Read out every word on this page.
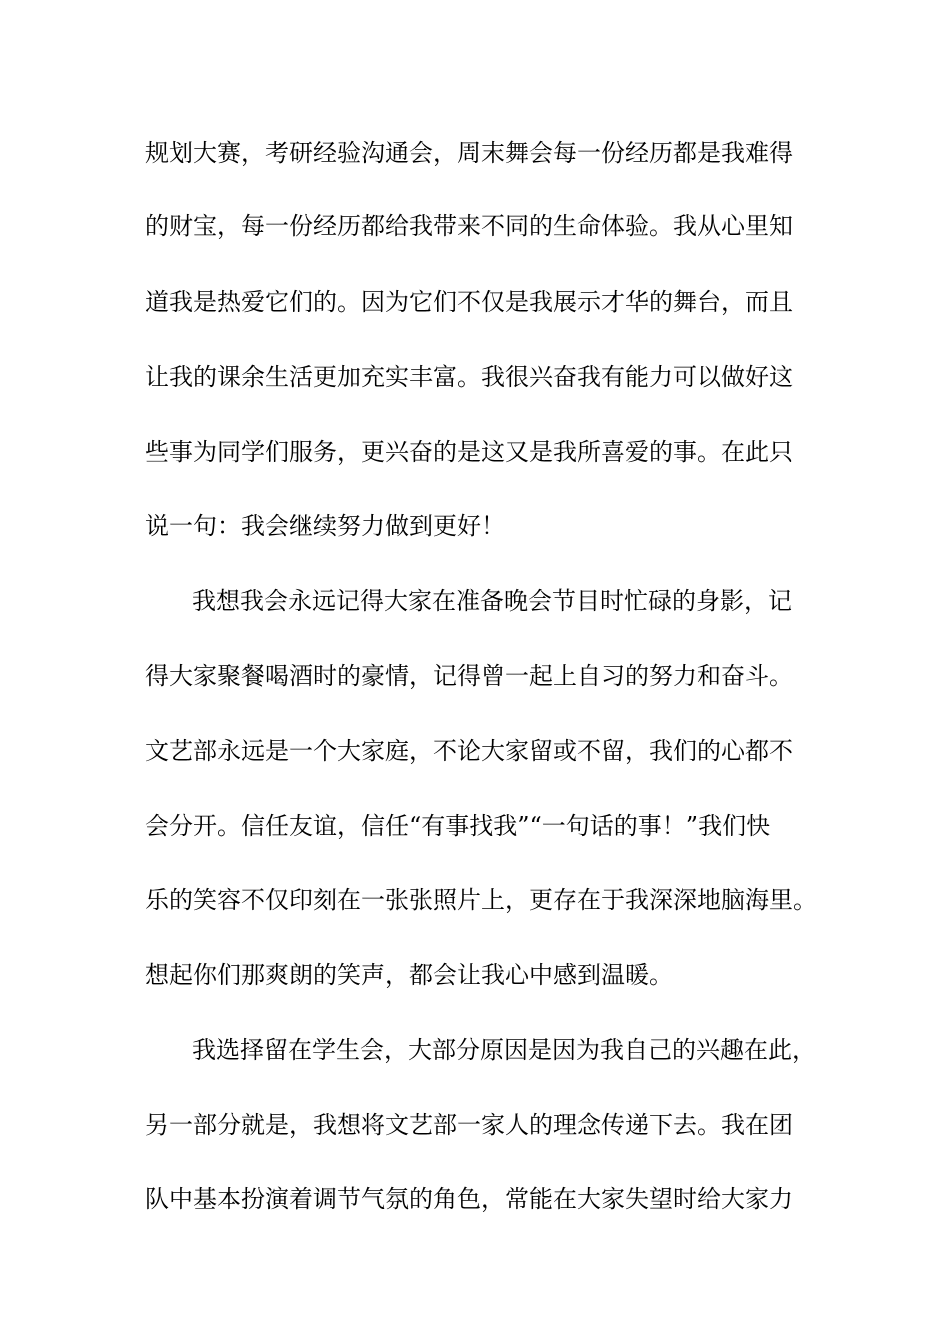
规划大赛，考研经验沟通会，周末舞会每一份经历都是我难得
的财宝，每一份经历都给我带来不同的生命体验。我从心里知
道我是热爱它们的。因为它们不仅是我展示才华的舞台，而且
让我的课余生活更加充实丰富。我很兴奋我有能力可以做好这
些事为同学们服务，更兴奋的是这又是我所喜爱的事。在此只
说一句：我会继续努力做到更好！
我想我会永远记得大家在准备晚会节目时忙碌的身影，记
得大家聚餐喝酒时的豪情，记得曾一起上自习的努力和奋斗。
文艺部永远是一个大家庭，不论大家留或不留，我们的心都不
会分开。信任友谊，信任“有事找我”“一句话的事！”我们快
乐的笑容不仅印刻在一张张照片上，更存在于我深深地脑海里。
想起你们那爽朗的笑声，都会让我心中感到温暖。
我选择留在学生会，大部分原因是因为我自己的兴趣在此，
另一部分就是，我想将文艺部一家人的理念传递下去。我在团
队中基本扮演着调节气氛的角色，常能在大家失望时给大家力
